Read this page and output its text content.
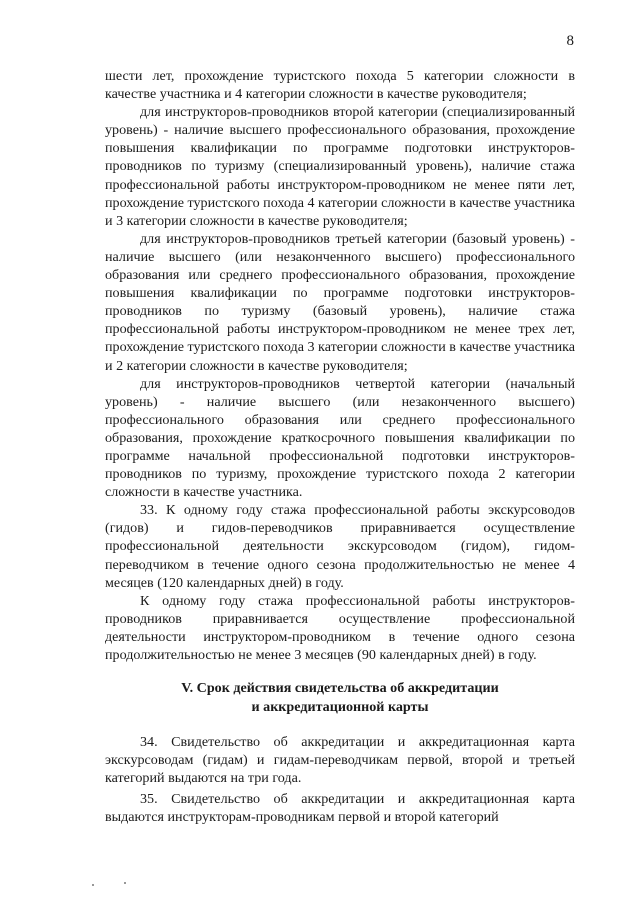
8

шести лет, прохождение туристского похода 5 категории сложности в качестве участника и 4 категории сложности в качестве руководителя;

для инструкторов-проводников второй категории (специализированный уровень) - наличие высшего профессионального образования, прохождение повышения квалификации по программе подготовки инструкторов-проводников по туризму (специализированный уровень), наличие стажа профессиональной работы инструктором-проводником не менее пяти лет, прохождение туристского похода 4 категории сложности в качестве участника и 3 категории сложности в качестве руководителя;

для инструкторов-проводников третьей категории (базовый уровень) - наличие высшего (или незаконченного высшего) профессионального образования или среднего профессионального образования, прохождение повышения квалификации по программе подготовки инструкторов-проводников по туризму (базовый уровень), наличие стажа профессиональной работы инструктором-проводником не менее трех лет, прохождение туристского похода 3 категории сложности в качестве участника и 2 категории сложности в качестве руководителя;

для инструкторов-проводников четвертой категории (начальный уровень) - наличие высшего (или незаконченного высшего) профессионального образования или среднего профессионального образования, прохождение краткосрочного повышения квалификации по программе начальной профессиональной подготовки инструкторов-проводников по туризму, прохождение туристского похода 2 категории сложности в качестве участника.

33. К одному году стажа профессиональной работы экскурсоводов (гидов) и гидов-переводчиков приравнивается осуществление профессиональной деятельности экскурсоводом (гидом), гидом-переводчиком в течение одного сезона продолжительностью не менее 4 месяцев (120 календарных дней) в году.

К одному году стажа профессиональной работы инструкторов-проводников приравнивается осуществление профессиональной деятельности инструктором-проводником в течение одного сезона продолжительностью не менее 3 месяцев (90 календарных дней) в году.

V. Срок действия свидетельства об аккредитации
и аккредитационной карты

34. Свидетельство об аккредитации и аккредитационная карта экскурсоводам (гидам) и гидам-переводчикам первой, второй и третьей категорий выдаются на три года.

35. Свидетельство об аккредитации и аккредитационная карта выдаются инструкторам-проводникам первой и второй категорий
